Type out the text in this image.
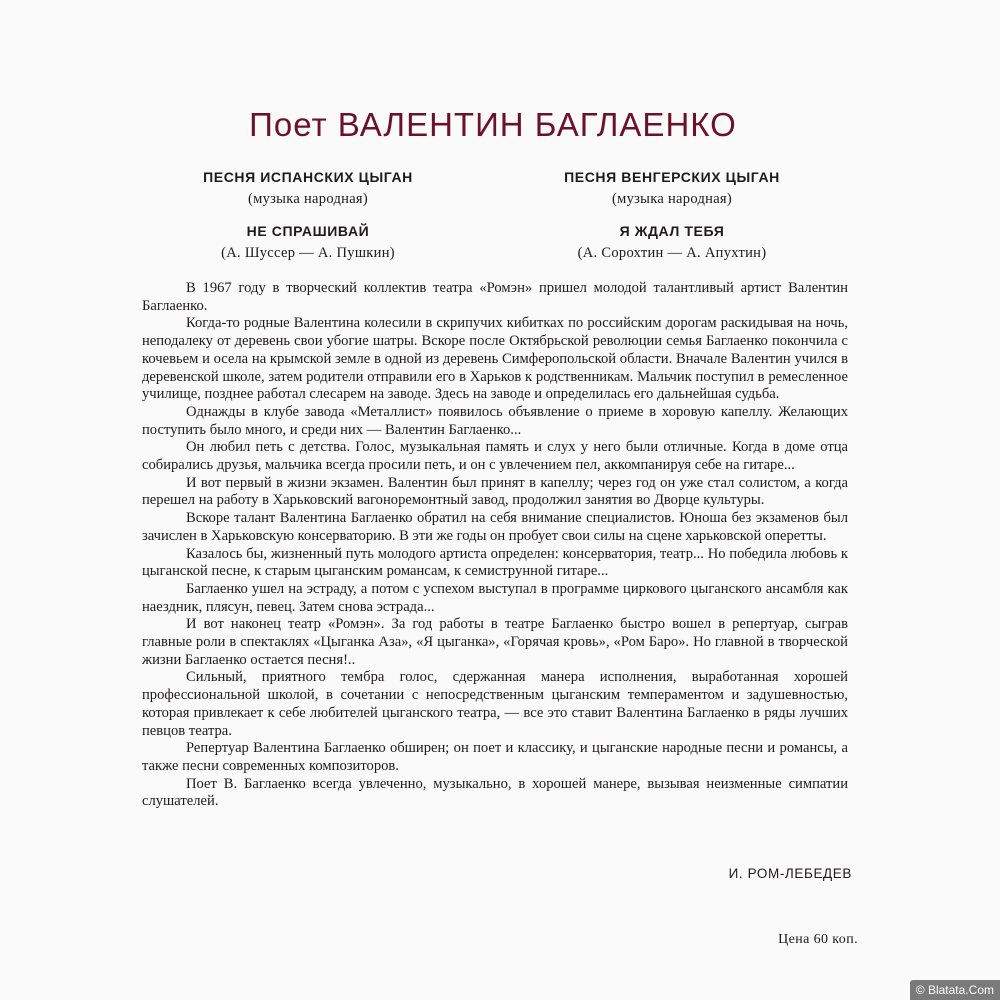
Поет ВАЛЕНТИН БАГЛАЕНКО
ПЕСНЯ ИСПАНСКИХ ЦЫГАН
(музыка народная)
НЕ СПРАШИВАЙ
(А. Шуссер — А. Пушкин)
ПЕСНЯ ВЕНГЕРСКИХ ЦЫГАН
(музыка народная)
Я ЖДАЛ ТЕБЯ
(А. Сорохтин — А. Апухтин)

В 1967 году в творческий коллектив театра «Ромэн» пришел молодой талантливый артист Валентин Баглаенко.

Когда-то родные Валентина колесили в скрипучих кибитках по российским дорогам раскидывая на ночь, неподалеку от деревень свои убогие шатры. Вскоре после Октябрьской революции семья Баглаенко покончила с кочевьем и осела на крымской земле в одной из деревень Симферопольской области. Вначале Валентин учился в деревенской школе, затем родители отправили его в Харьков к родственникам. Мальчик поступил в ремесленное училище, позднее работал слесарем на заводе. Здесь на заводе и определилась его дальнейшая судьба.

Однажды в клубе завода «Металлист» появилось объявление о приеме в хоровую капеллу. Желающих поступить было много, и среди них — Валентин Баглаенко...

Он любил петь с детства. Голос, музыкальная память и слух у него были отличные. Когда в доме отца собирались друзья, мальчика всегда просили петь, и он с увлечением пел, аккомпанируя себе на гитаре...

И вот первый в жизни экзамен. Валентин был принят в капеллу; через год он уже стал солистом, а когда перешел на работу в Харьковский вагоноремонтный завод, продолжил занятия во Дворце культуры.

Вскоре талант Валентина Баглаенко обратил на себя внимание специалистов. Юноша без экзаменов был зачислен в Харьковскую консерваторию. В эти же годы он пробует свои силы на сцене харьковской оперетты.

Казалось бы, жизненный путь молодого артиста определен: консерватория, театр... Но победила любовь к цыганской песне, к старым цыганским романсам, к семиструнной гитаре...

Баглаенко ушел на эстраду, а потом с успехом выступал в программе циркового цыганского ансамбля как наездник, плясун, певец. Затем снова эстрада...

И вот наконец театр «Ромэн». За год работы в театре Баглаенко быстро вошел в репертуар, сыграв главные роли в спектаклях «Цыганка Аза», «Я цыганка», «Горячая кровь», «Ром Баро». Но главной в творческой жизни Баглаенко остается песня!..

Сильный, приятного тембра голос, сдержанная манера исполнения, выработанная хорошей профессиональной школой, в сочетании с непосредственным цыганским темпераментом и задушевностью, которая привлекает к себе любителей цыганского театра, — все это ставит Валентина Баглаенко в ряды лучших певцов театра.

Репертуар Валентина Баглаенко обширен; он поет и классику, и цыганские народные песни и романсы, а также песни современных композиторов.

Поет В. Баглаенко всегда увлеченно, музыкально, в хорошей манере, вызывая неизменные симпатии слушателей.

И. РОМ-ЛЕБЕДЕВ
Цена 60 коп.
© Blatata.Com
